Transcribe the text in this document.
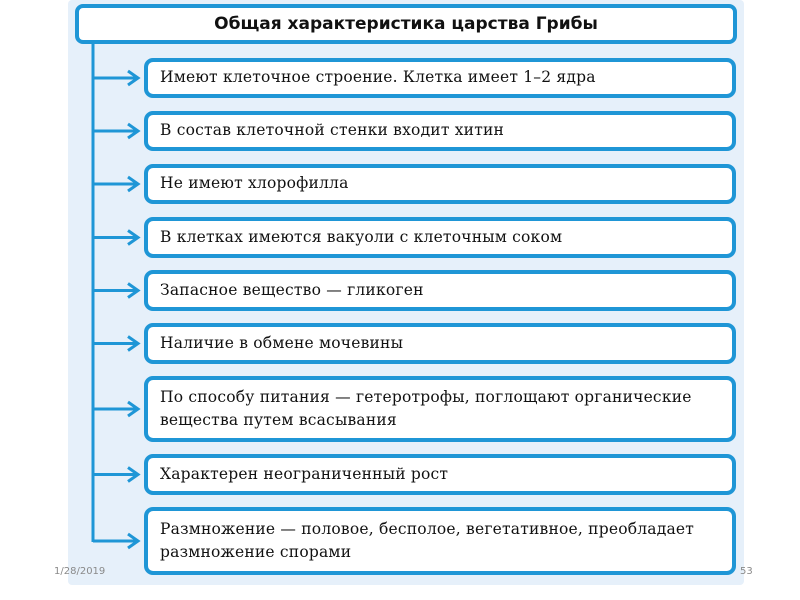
Общая характеристика царства Грибы
Имеют клеточное строение. Клетка имеет 1–2 ядра
В состав клеточной стенки входит хитин
Не имеют хлорофилла
В клетках имеются вакуоли с клеточным соком
Запасное вещество — гликоген
Наличие в обмене мочевины
По способу питания — гетеротрофы, поглощают органические вещества путем всасывания
Характерен неограниченный рост
Размножение — половое, бесполое, вегетативное, преобладает размножение спорами
1/28/2019	53
